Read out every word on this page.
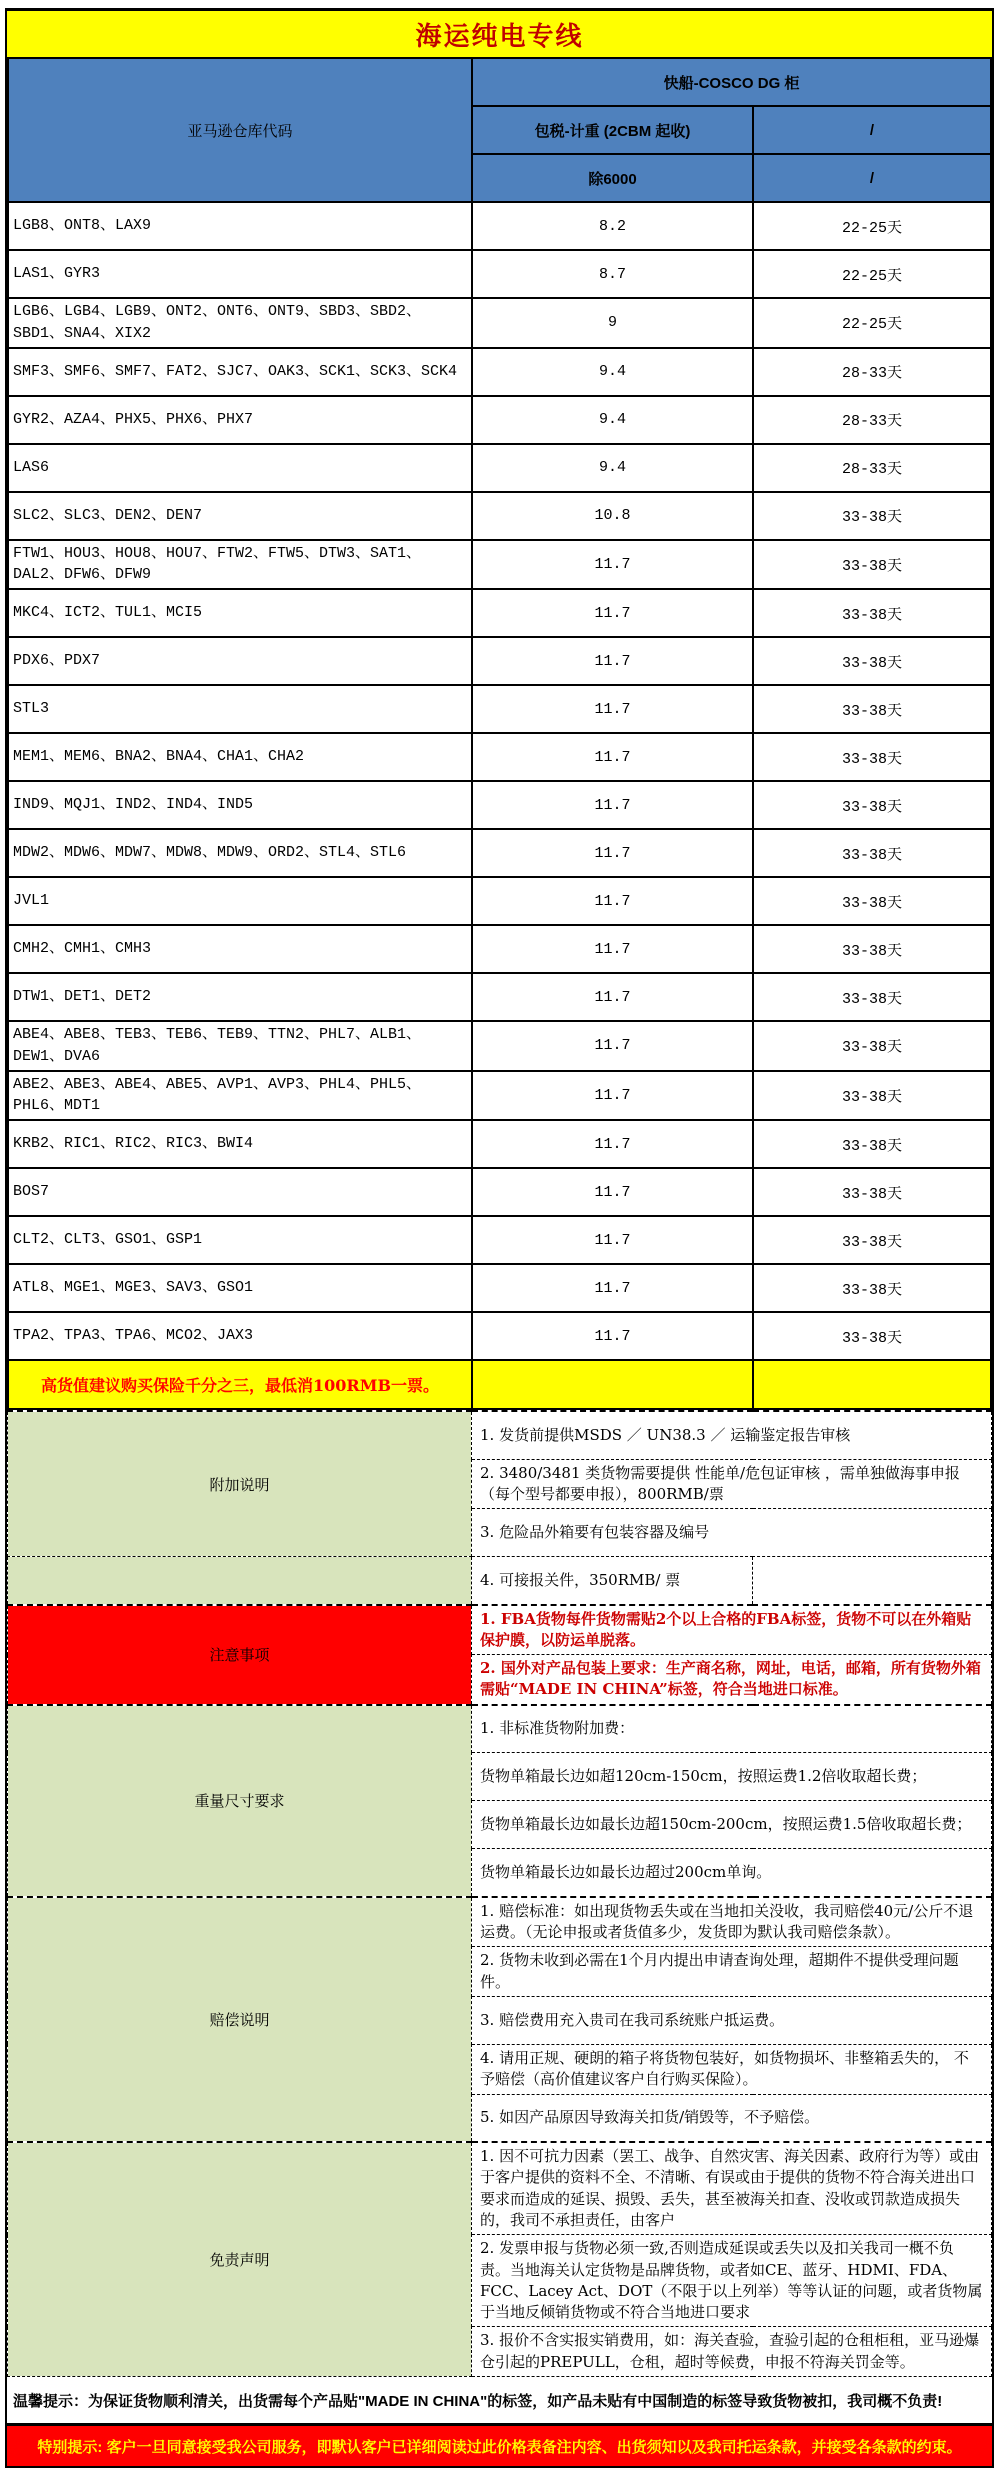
海运纯电专线
亚马逊仓库代码	快船-COSCO DG 柜	
	包税-计重 (2CBM 起收)	/
	除6000	/
LGB8、ONT8、LAX9	8.2	22-25天
LAS1、GYR3	8.7	22-25天
LGB6、LGB4、LGB9、ONT2、ONT6、ONT9、SBD3、SBD2、SBD1、SNA4、XIX2	9	22-25天
SMF3、SMF6、SMF7、FAT2、SJC7、OAK3、SCK1、SCK3、SCK4	9.4	28-33天
GYR2、AZA4、PHX5、PHX6、PHX7	9.4	28-33天
LAS6	9.4	28-33天
SLC2、SLC3、DEN2、DEN7	10.8	33-38天
FTW1、HOU3、HOU8、HOU7、FTW2、FTW5、DTW3、SAT1、DAL2、DFW6、DFW9	11.7	33-38天
MKC4、ICT2、TUL1、MCI5	11.7	33-38天
PDX6、PDX7	11.7	33-38天
STL3	11.7	33-38天
MEM1、MEM6、BNA2、BNA4、CHA1、CHA2	11.7	33-38天
IND9、MQJ1、IND2、IND4、IND5	11.7	33-38天
MDW2、MDW6、MDW7、MDW8、MDW9、ORD2、STL4、STL6	11.7	33-38天
JVL1	11.7	33-38天
CMH2、CMH1、CMH3	11.7	33-38天
DTW1、DET1、DET2	11.7	33-38天
ABE4、ABE8、TEB3、TEB6、TEB9、TTN2、PHL7、ALB1、DEW1、DVA6	11.7	33-38天
ABE2、ABE3、ABE4、ABE5、AVP1、AVP3、PHL4、PHL5、PHL6、MDT1	11.7	33-38天
KRB2、RIC1、RIC2、RIC3、BWI4	11.7	33-38天
BOS7	11.7	33-38天
CLT2、CLT3、GSO1、GSP1	11.7	33-38天
ATL8、MGE1、MGE3、SAV3、GSO1	11.7	33-38天
TPA2、TPA3、TPA6、MCO2、JAX3	11.7	33-38天
高货值建议购买保险千分之三，最低消100RMB一票。		
附加说明	1. 发货前提供MSDS ／ UN38.3 ／ 运输鉴定报告审核	
	2. 3480/3481 类货物需要提供 性能单/危包证审核 ，需单独做海事申报（每个型号都要申报），800RMB/票	
	3. 危险品外箱要有包装容器及编号	
	4. 可接报关件，350RMB/ 票	
注意事项	1. FBA货物每件货物需贴2个以上合格的FBA标签，货物不可以在外箱贴保护膜，以防运单脱落。	
	2. 国外对产品包装上要求：生产商名称，网址，电话，邮箱，所有货物外箱需贴“MADE IN CHINA”标签，符合当地进口标准。	
重量尺寸要求	1. 非标准货物附加费：	
	货物单箱最长边如超120cm-150cm，按照运费1.2倍收取超长费；	
	货物单箱最长边如最长边超150cm-200cm，按照运费1.5倍收取超长费；	
	货物单箱最长边如最长边超过200cm单询。	
赔偿说明	1. 赔偿标准：如出现货物丢失或在当地扣关没收，我司赔偿40元/公斤不退运费。（无论申报或者货值多少，发货即为默认我司赔偿条款）。	
	2. 货物未收到必需在1个月内提出申请查询处理，超期件不提供受理问题件。	
	3. 赔偿费用充入贵司在我司系统账户抵运费。	
	4. 请用正规、硬朗的箱子将货物包装好，如货物损坏、非整箱丢失的， 不予赔偿（高价值建议客户自行购买保险）。	
	5. 如因产品原因导致海关扣货/销毁等，不予赔偿。	
免责声明	1. 因不可抗力因素（罢工、战争、自然灾害、海关因素、政府行为等）或由于客户提供的资料不全、不清晰、有误或由于提供的货物不符合海关进出口要求而造成的延误、损毁、丢失，甚至被海关扣查、没收或罚款造成损失的，我司不承担责任，由客户	
	2. 发票申报与货物必须一致,否则造成延误或丢失以及扣关我司一概不负责。当地海关认定货物是品牌货物，或者如CE、蓝牙、HDMI、FDA、FCC、Lacey Act、DOT（不限于以上列举）等等认证的问题，或者货物属于当地反倾销货物或不符合当地进口要求	
	3. 报价不含实报实销费用，如：海关查验，查验引起的仓租柜租，亚马逊爆仓引起的PREPULL，仓租，超时等候费，申报不符海关罚金等。	
温馨提示：为保证货物顺利清关，出货需每个产品贴"MADE IN CHINA"的标签，如产品未贴有中国制造的标签导致货物被扣，我司概不负责!
特别提示: 客户一旦同意接受我公司服务，即默认客户已详细阅读过此价格表备注内容、出货须知以及我司托运条款，并接受各条款的约束。
